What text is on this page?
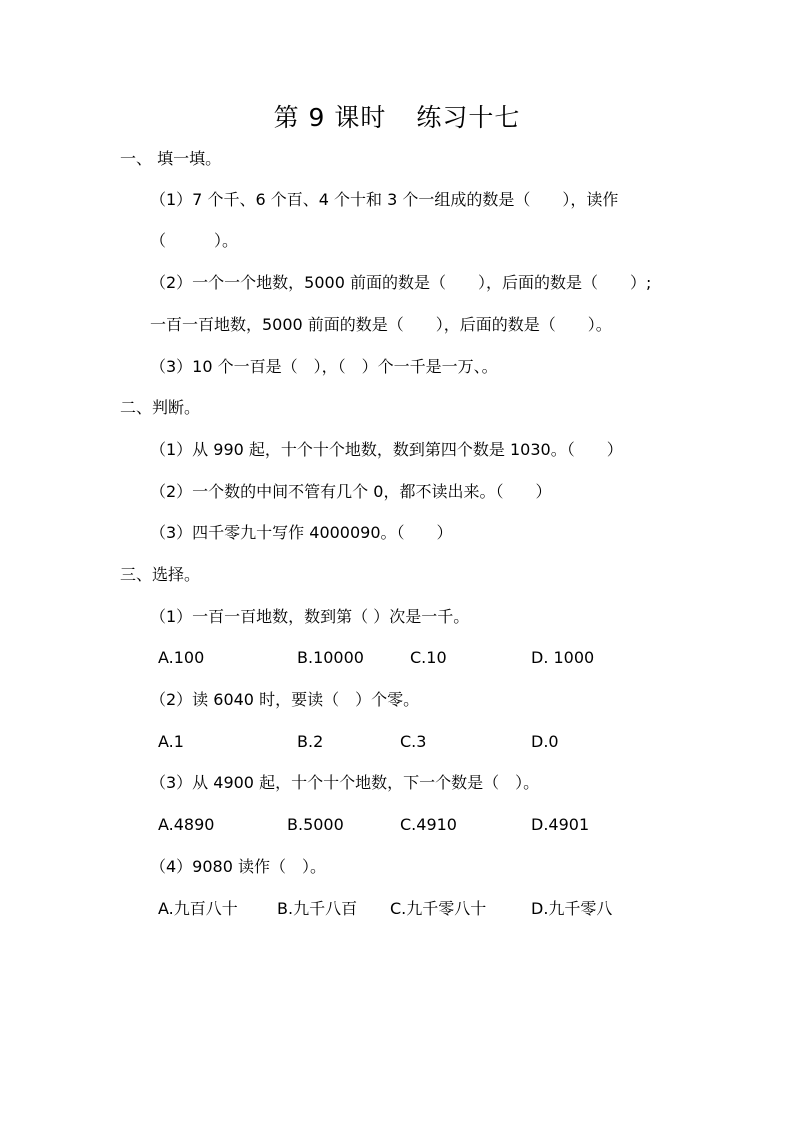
第 9 课时 练习十七
一、 填一填。
（1）7 个千、6 个百、4 个十和 3 个一组成的数是（　　），读作
（　　　）。
（2）一个一个地数，5000 前面的数是（　　），后面的数是（　　）;
一百一百地数，5000 前面的数是（　　），后面的数是（　　）。
（3）10 个一百是（　），（　）个一千是一万、。
二、判断。
（1）从 990 起，十个十个地数，数到第四个数是 1030。（　　）
（2）一个数的中间不管有几个 0，都不读出来。（　　）
（3）四千零九十写作 4000090。（　　）
三、选择。
（1）一百一百地数，数到第（ ）次是一千。
A.100	B.10000	C.10	D. 1000
（2）读 6040 时，要读（　）个零。
A.1	B.2	C.3	D.0
（3）从 4900 起，十个十个地数，下一个数是（　）。
A.4890	B.5000	C.4910	D.4901
（4）9080 读作（　）。
A.九百八十 B.九千八百 C.九千零八十	D.九千零八
